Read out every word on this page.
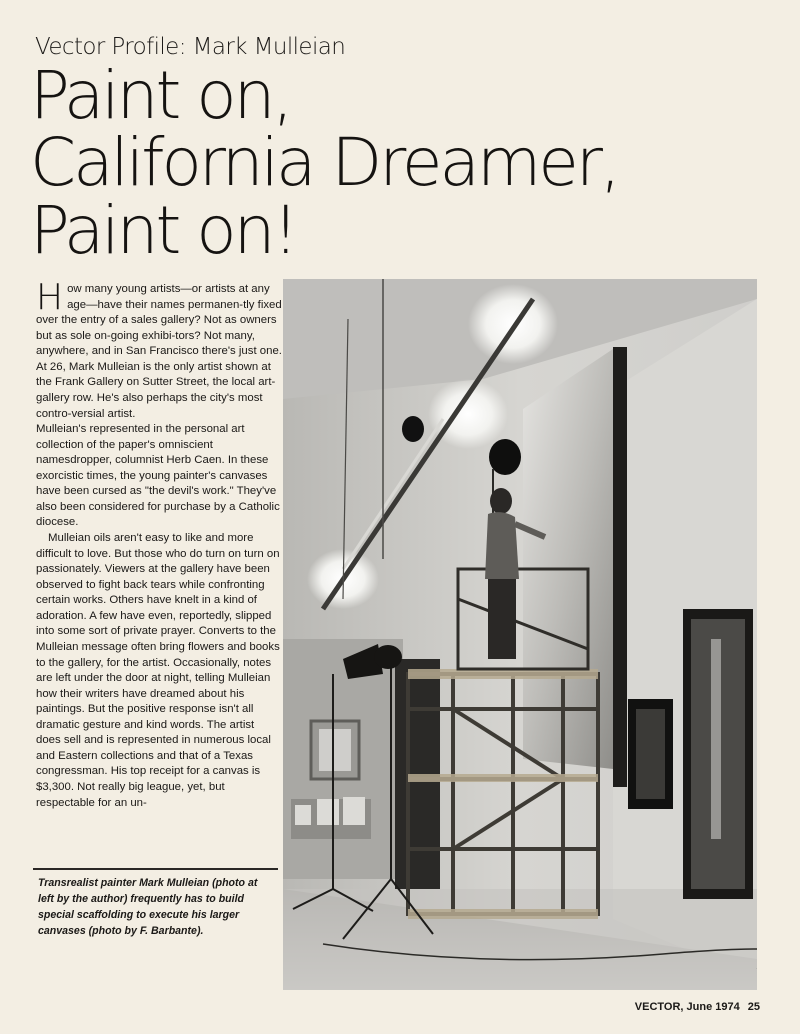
Vector Profile: Mark Mulleian
Paint on,
California Dreamer,
Paint on!

How many young artists—or artists at any age—have their names permanen-tly fixed over the entry of a sales gallery? Not as owners but as sole on-going exhibi-tors? Not many, anywhere, and in San Francisco there's just one. At 26, Mark Mulleian is the only artist shown at the Frank Gallery on Sutter Street, the local art-gallery row. He's also perhaps the city's most contro-versial artist.

Mulleian's represented in the personal art collection of the paper's omniscient namesdropper, columnist Herb Caen. In these exorcistic times, the young painter's canvases have been cursed as "the devil's work." They've also been considered for purchase by a Catholic diocese.

Mulleian oils aren't easy to like and more difficult to love. But those who do turn on turn on passionately. Viewers at the gallery have been observed to fight back tears while confronting certain works. Others have knelt in a kind of adoration. A few have even, reportedly, slipped into some sort of private prayer. Converts to the Mulleian message often bring flowers and books to the gallery, for the artist. Occasionally, notes are left under the door at night, telling Mulleian how their writers have dreamed about his paintings. But the positive response isn't all dramatic gesture and kind words. The artist does sell and is represented in numerous local and Eastern collections and that of a Texas congressman. His top receipt for a canvas is $3,300. Not really big league, yet, but respectable for an un-

Transrealist painter Mark Mulleian (photo at left by the author) frequently has to build special scaffolding to execute his larger canvases (photo by F. Barbante).
VECTOR, June 1974 25
